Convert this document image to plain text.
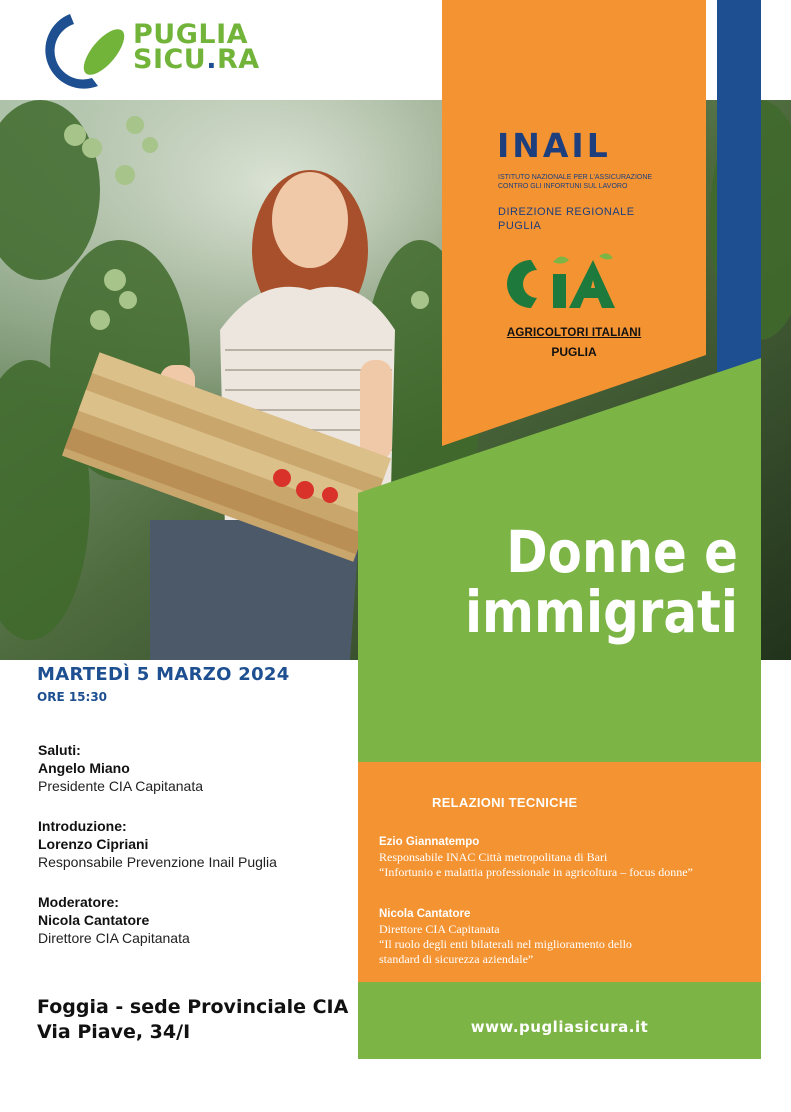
PUGLIA
SICU.RA
INAIL
ISTITUTO NAZIONALE PER L'ASSICURAZIONE
CONTRO GLI INFORTUNI SUL LAVORO
DIREZIONE REGIONALE
PUGLIA
AGRICOLTORI ITALIANI
PUGLIA
Donne e
immigrati
MARTEDÌ 5 MARZO 2024
ORE 15:30
Saluti:
Angelo Miano
Presidente CIA Capitanata
Introduzione:
Lorenzo Cipriani
Responsabile Prevenzione Inail Puglia
Moderatore:
Nicola Cantatore
Direttore CIA Capitanata
Foggia - sede Provinciale CIA
Via Piave, 34/I
RELAZIONI TECNICHE
Ezio Giannatempo
Responsabile INAC Città metropolitana di Bari
“Infortunio e malattia professionale in agricoltura – focus donne”
Nicola Cantatore
Direttore CIA Capitanata
“Il ruolo degli enti bilaterali nel miglioramento dello
standard di sicurezza aziendale”
www.pugliasicura.it
